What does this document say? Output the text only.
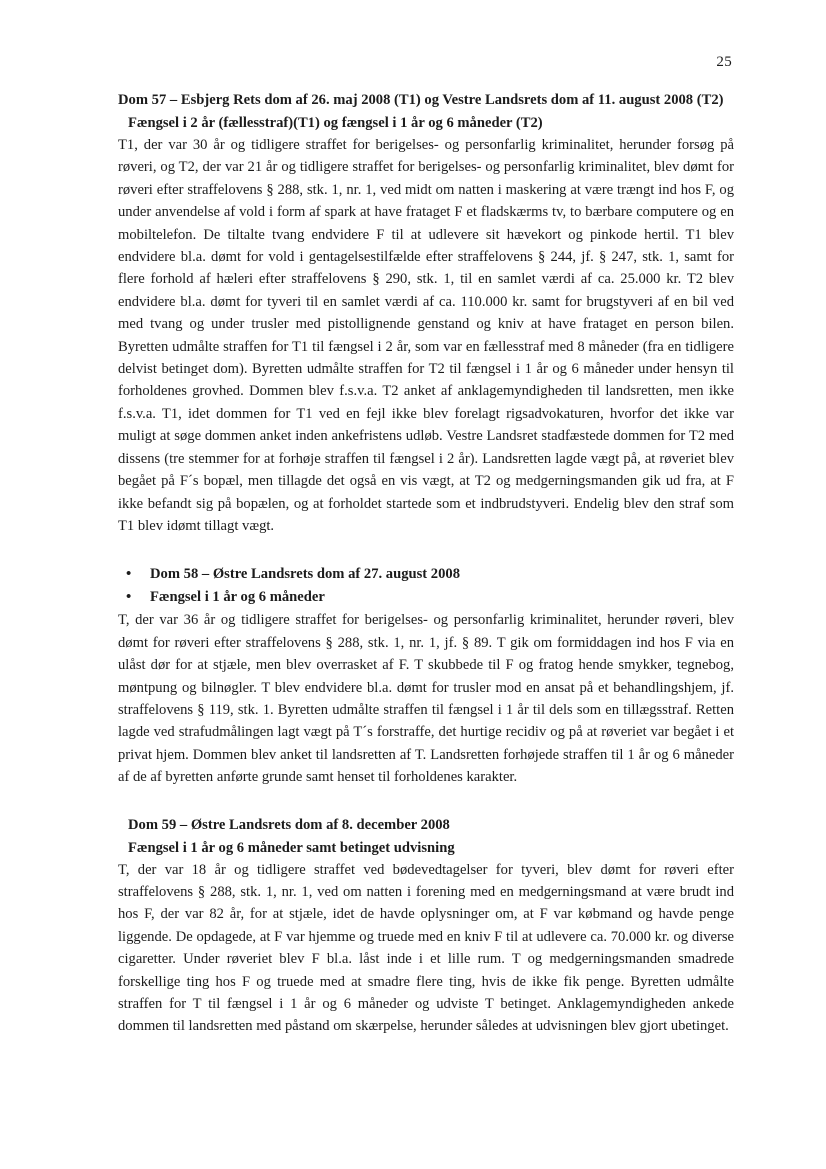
25
Dom 57 – Esbjerg Rets dom af 26. maj 2008 (T1) og Vestre Landsrets dom af 11. august 2008 (T2)
Fængsel i 2 år (fællesstraf)(T1) og fængsel i 1 år og 6 måneder (T2)

T1, der var 30 år og tidligere straffet for berigelses- og personfarlig kriminalitet, herunder forsøg på røveri, og T2, der var 21 år og tidligere straffet for berigelses- og personfarlig kriminalitet, blev dømt for røveri efter straffelovens § 288, stk. 1, nr. 1, ved midt om natten i maskering at være trængt ind hos F, og under anvendelse af vold i form af spark at have frataget F et fladskærms tv, to bærbare computere og en mobiltelefon. De tiltalte tvang endvidere F til at udlevere sit hævekort og pinkode hertil. T1 blev endvidere bl.a. dømt for vold i gentagelsestilfælde efter straffelovens § 244, jf. § 247, stk. 1, samt for flere forhold af hæleri efter straffelovens § 290, stk. 1, til en samlet værdi af ca. 25.000 kr. T2 blev endvidere bl.a. dømt for tyveri til en samlet værdi af ca. 110.000 kr. samt for brugstyveri af en bil ved med tvang og under trusler med pistollignende genstand og kniv at have frataget en person bilen. Byretten udmålte straffen for T1 til fængsel i 2 år, som var en fællesstraf med 8 måneder (fra en tidligere delvist betinget dom). Byretten udmålte straffen for T2 til fængsel i 1 år og 6 måneder under hensyn til forholdenes grovhed. Dommen blev f.s.v.a. T2 anket af anklagemyndigheden til landsretten, men ikke f.s.v.a. T1, idet dommen for T1 ved en fejl ikke blev forelagt rigsadvokaturen, hvorfor det ikke var muligt at søge dommen anket inden ankefristens udløb. Vestre Landsret stadfæstede dommen for T2 med dissens (tre stemmer for at forhøje straffen til fængsel i 2 år). Landsretten lagde vægt på, at røveriet blev begået på F´s bopæl, men tillagde det også en vis vægt, at T2 og medgerningsmanden gik ud fra, at F ikke befandt sig på bopælen, og at forholdet startede som et indbrudstyveri. Endelig blev den straf som T1 blev idømt tillagt vægt.

• Dom 58 – Østre Landsrets dom af 27. august 2008
• Fængsel i 1 år og 6 måneder

T, der var 36 år og tidligere straffet for berigelses- og personfarlig kriminalitet, herunder røveri, blev dømt for røveri efter straffelovens § 288, stk. 1, nr. 1, jf. § 89. T gik om formiddagen ind hos F via en ulåst dør for at stjæle, men blev overrasket af F. T skubbede til F og fratog hende smykker, tegnebog, møntpung og bilnøgler. T blev endvidere bl.a. dømt for trusler mod en ansat på et behandlingshjem, jf. straffelovens § 119, stk. 1. Byretten udmålte straffen til fængsel i 1 år til dels som en tillægsstraf. Retten lagde ved strafudmålingen lagt vægt på T´s forstraffe, det hurtige recidiv og på at røveriet var begået i et privat hjem. Dommen blev anket til landsretten af T. Landsretten forhøjede straffen til 1 år og 6 måneder af de af byretten anførte grunde samt henset til forholdenes karakter.

Dom 59 – Østre Landsrets dom af 8. december 2008
Fængsel i 1 år og 6 måneder samt betinget udvisning

T, der var 18 år og tidligere straffet ved bødevedtagelser for tyveri, blev dømt for røveri efter straffelovens § 288, stk. 1, nr. 1, ved om natten i forening med en medgerningsmand at være brudt ind hos F, der var 82 år, for at stjæle, idet de havde oplysninger om, at F var købmand og havde penge liggende. De opdagede, at F var hjemme og truede med en kniv F til at udlevere ca. 70.000 kr. og diverse cigaretter. Under røveriet blev F bl.a. låst inde i et lille rum. T og medgerningsmanden smadrede forskellige ting hos F og truede med at smadre flere ting, hvis de ikke fik penge. Byretten udmålte straffen for T til fængsel i 1 år og 6 måneder og udviste T betinget. Anklagemyndigheden ankede dommen til landsretten med påstand om skærpelse, herunder således at udvisningen blev gjort ubetinget.
